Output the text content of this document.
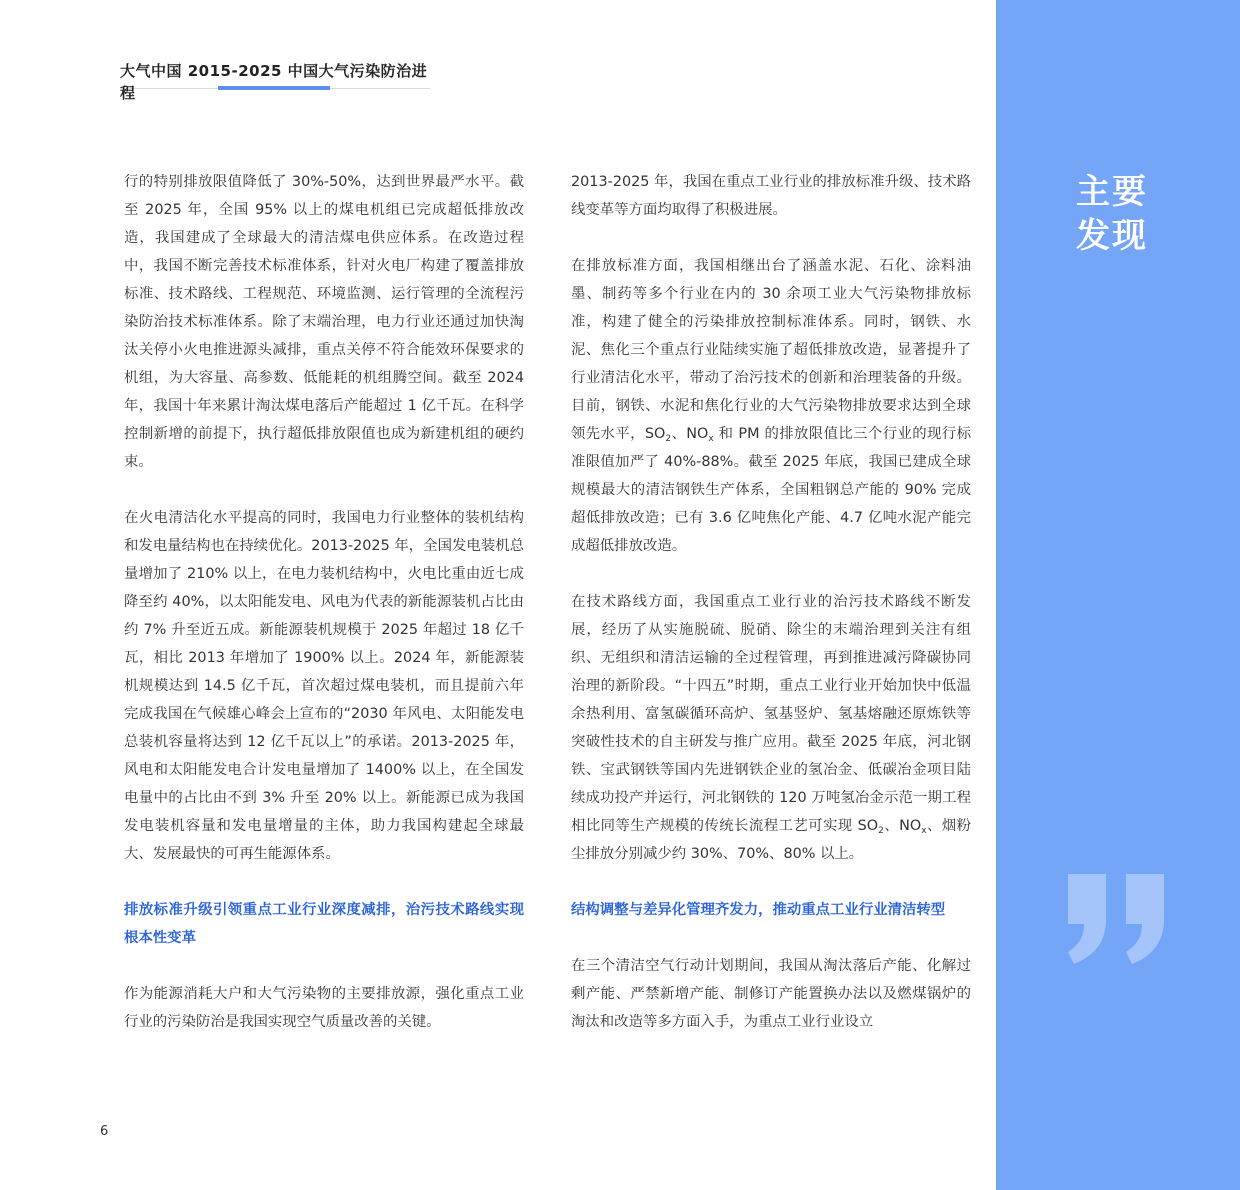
大气中国 2015-2025 中国大气污染防治进程

行的特别排放限值降低了 30%-50%，达到世界最严水平。截至 2025 年，全国 95% 以上的煤电机组已完成超低排放改造，我国建成了全球最大的清洁煤电供应体系。在改造过程中，我国不断完善技术标准体系，针对火电厂构建了覆盖排放标准、技术路线、工程规范、环境监测、运行管理的全流程污染防治技术标准体系。除了末端治理，电力行业还通过加快淘汰关停小火电推进源头减排，重点关停不符合能效环保要求的机组，为大容量、高参数、低能耗的机组腾空间。截至 2024 年，我国十年来累计淘汰煤电落后产能超过 1 亿千瓦。在科学控制新增的前提下，执行超低排放限值也成为新建机组的硬约束。

在火电清洁化水平提高的同时，我国电力行业整体的装机结构和发电量结构也在持续优化。2013-2025 年，全国发电装机总量增加了 210% 以上，在电力装机结构中，火电比重由近七成降至约 40%，以太阳能发电、风电为代表的新能源装机占比由约 7% 升至近五成。新能源装机规模于 2025 年超过 18 亿千瓦，相比 2013 年增加了 1900% 以上。2024 年，新能源装机规模达到 14.5 亿千瓦，首次超过煤电装机，而且提前六年完成我国在气候雄心峰会上宣布的“2030 年风电、太阳能发电总装机容量将达到 12 亿千瓦以上”的承诺。2013-2025 年，风电和太阳能发电合计发电量增加了 1400% 以上，在全国发电量中的占比由不到 3% 升至 20% 以上。新能源已成为我国发电装机容量和发电量增量的主体，助力我国构建起全球最大、发展最快的可再生能源体系。

排放标准升级引领重点工业行业深度减排，治污技术路线实现根本性变革

作为能源消耗大户和大气污染物的主要排放源，强化重点工业行业的污染防治是我国实现空气质量改善的关键。

2013-2025 年，我国在重点工业行业的排放标准升级、技术路线变革等方面均取得了积极进展。

在排放标准方面，我国相继出台了涵盖水泥、石化、涂料油墨、制药等多个行业在内的 30 余项工业大气污染物排放标准，构建了健全的污染排放控制标准体系。同时，钢铁、水泥、焦化三个重点行业陆续实施了超低排放改造，显著提升了行业清洁化水平，带动了治污技术的创新和治理装备的升级。目前，钢铁、水泥和焦化行业的大气污染物排放要求达到全球领先水平，$SO_2$、$NO_x$ 和 PM 的排放限值比三个行业的现行标准限值加严了 40%-88%。截至 2025 年底，我国已建成全球规模最大的清洁钢铁生产体系，全国粗钢总产能的 90% 完成超低排放改造；已有 3.6 亿吨焦化产能、4.7 亿吨水泥产能完成超低排放改造。

在技术路线方面，我国重点工业行业的治污技术路线不断发展，经历了从实施脱硫、脱硝、除尘的末端治理到关注有组织、无组织和清洁运输的全过程管理，再到推进减污降碳协同治理的新阶段。“十四五”时期，重点工业行业开始加快中低温余热利用、富氢碳循环高炉、氢基竖炉、氢基熔融还原炼铁等突破性技术的自主研发与推广应用。截至 2025 年底，河北钢铁、宝武钢铁等国内先进钢铁企业的氢冶金、低碳冶金项目陆续成功投产并运行，河北钢铁的 120 万吨氢冶金示范一期工程相比同等生产规模的传统长流程工艺可实现 $SO_2$、$NO_x$、烟粉尘排放分别减少约 30%、70%、80% 以上。

结构调整与差异化管理齐发力，推动重点工业行业清洁转型

在三个清洁空气行动计划期间，我国从淘汰落后产能、化解过剩产能、严禁新增产能、制修订产能置换办法以及燃煤锅炉的淘汰和改造等多方面入手，为重点工业行业设立

主要
发现
6
